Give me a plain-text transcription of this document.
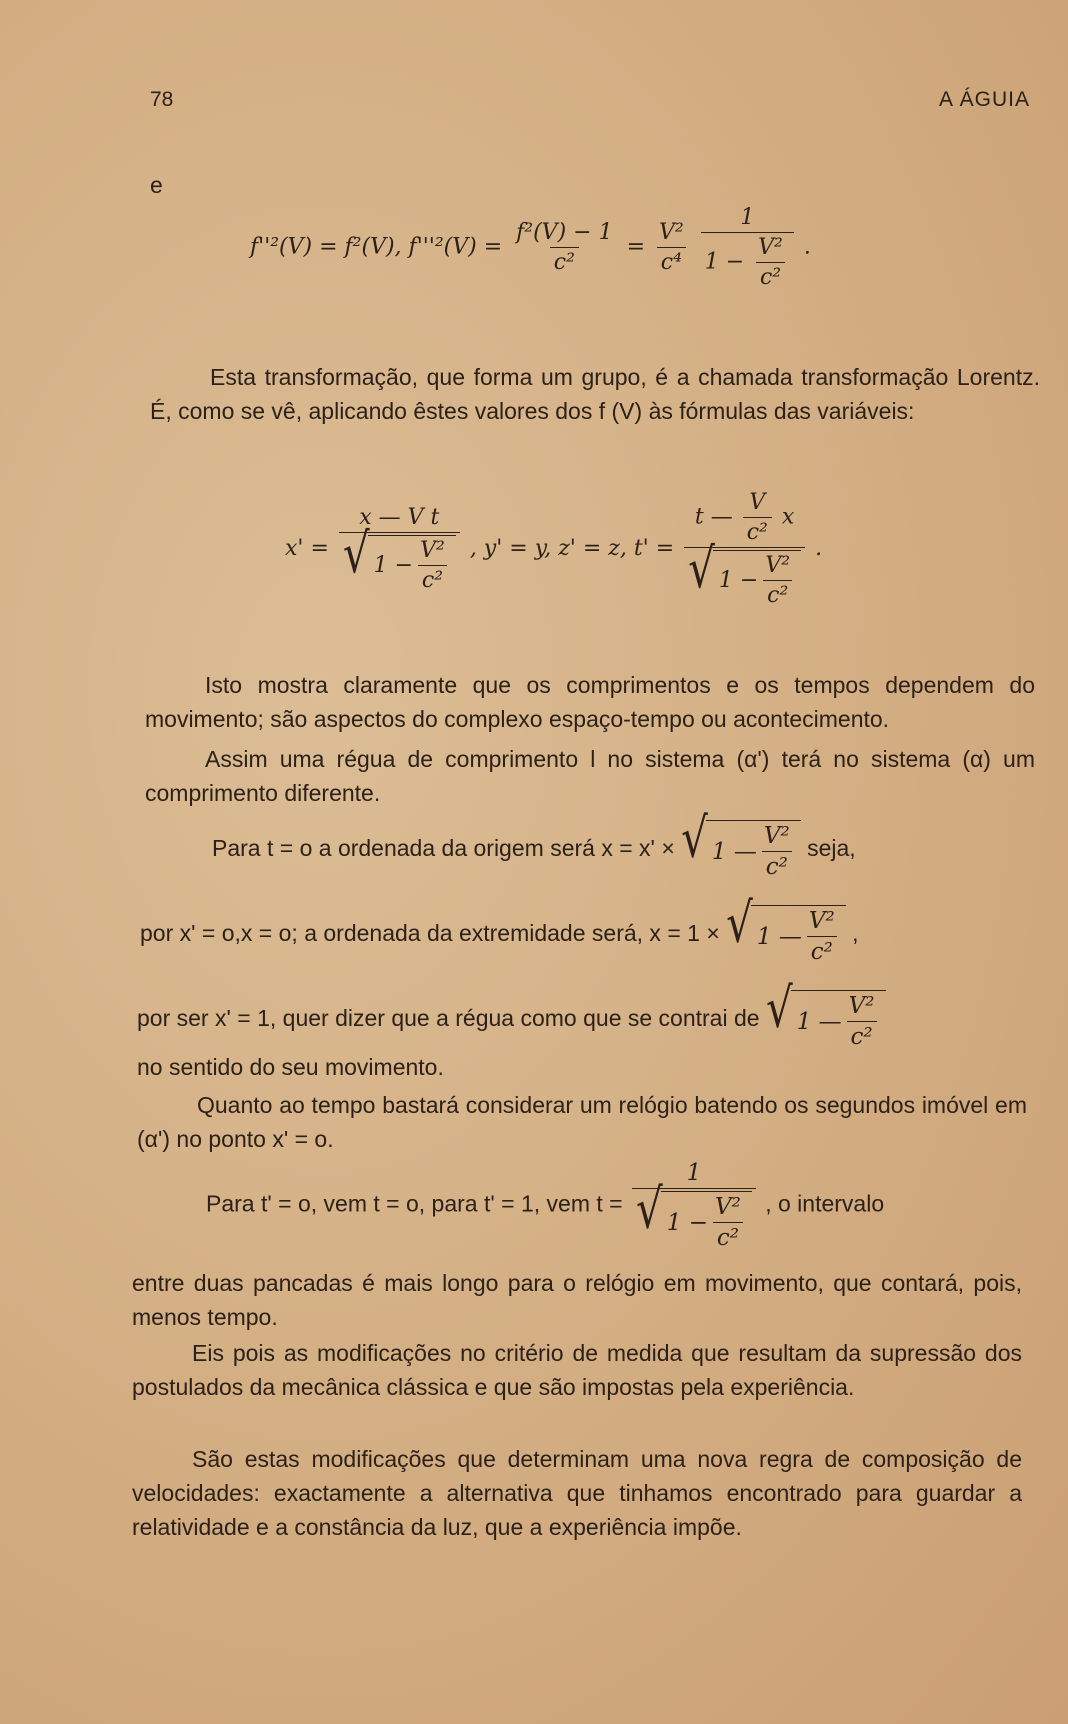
78	A ÁGUIA
e
f''²(V) = f²(V), $f'''^2(V) = \frac{\text{f²(V) − 1}}{\text{c²}} = \frac{\text{V²}}{\text{c⁴}}$
$\frac{1}{1 - \frac{\text{V²}}{\text{c²}}}$ .
Esta transformação, que forma um grupo, é a chamada transformação Lorentz. É, como se vê, aplicando êstes valores dos f (V) às fórmulas das variáveis:
x' =
x — V t
√ $1 - \frac{\text{V²}}{\text{c²}}$ , y' = y, z' = z, t' =
t — $\frac{V}{\text{c²}}$ x
√ $1 - \frac{\text{V²}}{\text{c²}}$
.
Isto mostra claramente que os comprimentos e os tempos dependem do movimento; são aspectos do complexo espaço-tempo ou acontecimento.
Assim uma régua de comprimento l no sistema (α') terá no sistema (α) um comprimento diferente.
Para t = o a ordenada da origem será x = x' × √ 1 — $\frac{\text{V²}}{\text{c²}}$ seja,
por x' = o,x = o; a ordenada da extremidade será, x = 1 × √ 1 — $\frac{\text{V²}}{\text{c²}}$ ,
por ser x' = 1, quer dizer que a régua como que se contrai de √ 1 — $\frac{\text{V²}}{\text{c²}}$
no sentido do seu movimento.
Quanto ao tempo bastará considerar um relógio batendo os segundos imóvel em (α') no ponto x' = o.
Para t' = o, vem t = o, para t' = 1, vem t =
1
√ $1 - \frac{\text{V²}}{\text{c²}}$ , o intervalo
entre duas pancadas é mais longo para o relógio em movimento, que contará, pois, menos tempo.
Eis pois as modificações no critério de medida que resultam da supressão dos postulados da mecânica clássica e que são impostas pela experiência.
São estas modificações que determinam uma nova regra de composição de velocidades: exactamente a alternativa que tinhamos encontrado para guardar a relatividade e a constância da luz, que a experiência impõe.
